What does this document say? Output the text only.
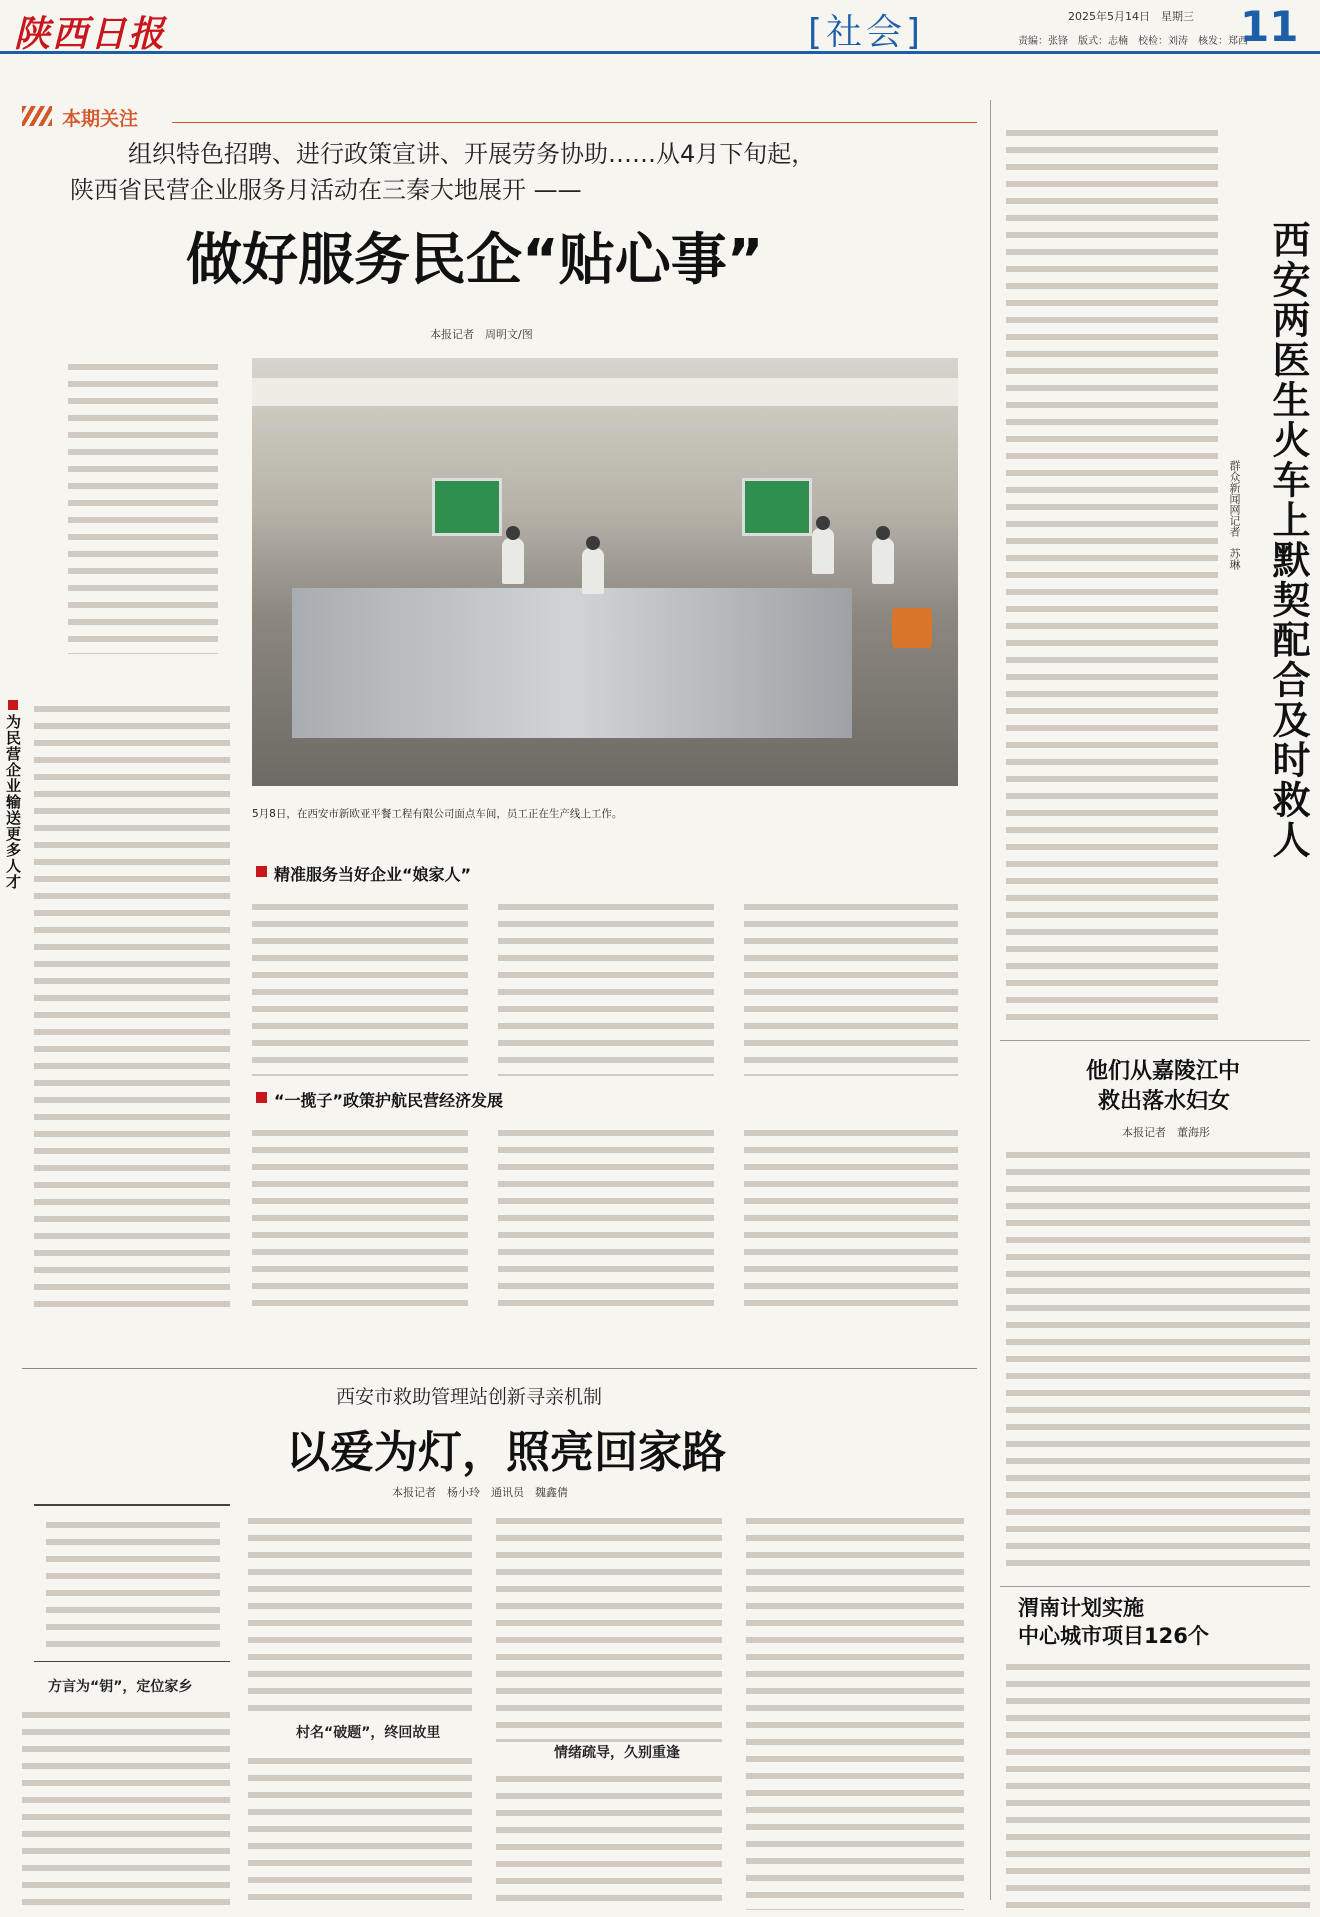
陕西日报	[社会]	2025年5月14日　星期三
责编：张锋　版式：志楠　校检：刘涛　核发：郑西
11
本期关注
组织特色招聘、进行政策宣讲、开展劳务协助……从4月下旬起，
陕西省民营企业服务月活动在三秦大地展开 ——
做好服务民企“贴心事”
本报记者　周明文/图
为民营企业输送更多人才	5月8日，在西安市新欧亚平餐工程有限公司面点车间，员工正在生产线上工作。
精准服务当好企业“娘家人”
“一揽子”政策护航民营经济发展
西安市救助管理站创新寻亲机制
以爱为灯，照亮回家路
本报记者　杨小玲　通讯员　魏鑫倩
方言为“钥”，定位家乡
村名“破题”，终回故里
情绪疏导，久别重逢
西安两医生火车上默契配合及时救人
群众新闻网记者　苏琳
他们从嘉陵江中
救出落水妇女
本报记者　董海彤
渭南计划实施
中心城市项目126个
